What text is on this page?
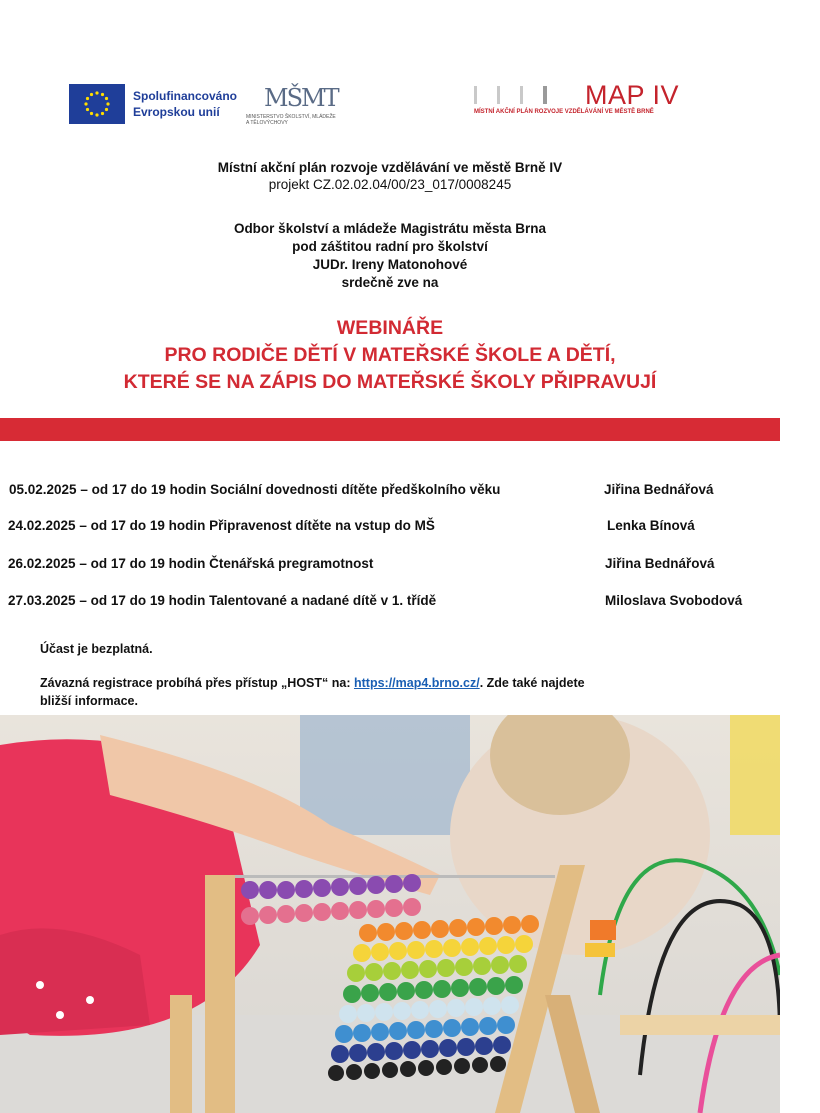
Spolufinancováno
Evropskou unií	MŠMT
MINISTERSTVO ŠKOLSTVÍ, MLÁDEŽE A TĚLOVÝCHOVY
MAP IV
MÍSTNÍ AKČNÍ PLÁN ROZVOJE VZDĚLÁVÁNÍ VE MĚSTĚ BRNĚ
Místní akční plán rozvoje vzdělávání ve městě Brně IV
projekt CZ.02.02.04/00/23_017/0008245
Odbor školství a mládeže Magistrátu města Brna
pod záštitou radní pro školství
JUDr. Ireny Matonohové
srdečně zve na
WEBINÁŘE
PRO RODIČE DĚTÍ V MATEŘSKÉ ŠKOLE A DĚTÍ,
KTERÉ SE NA ZÁPIS DO MATEŘSKÉ ŠKOLY PŘIPRAVUJÍ
05.02.2025 – od 17 do 19 hodin Sociální dovednosti dítěte předškolního věku	Jiřina Bednářová
24.02.2025 – od 17 do 19 hodin Připravenost dítěte na vstup do MŠ	Lenka Bínová
26.02.2025 – od 17 do 19 hodin Čtenářská pregramotnost	Jiřina Bednářová
27.03.2025 – od 17 do 19 hodin Talentované a nadané dítě v 1. třídě	Miloslava Svobodová
Účast je bezplatná.
Závazná registrace probíhá přes přístup „HOST“ na: https://map4.brno.cz/. Zde také najdete
bližší informace.
